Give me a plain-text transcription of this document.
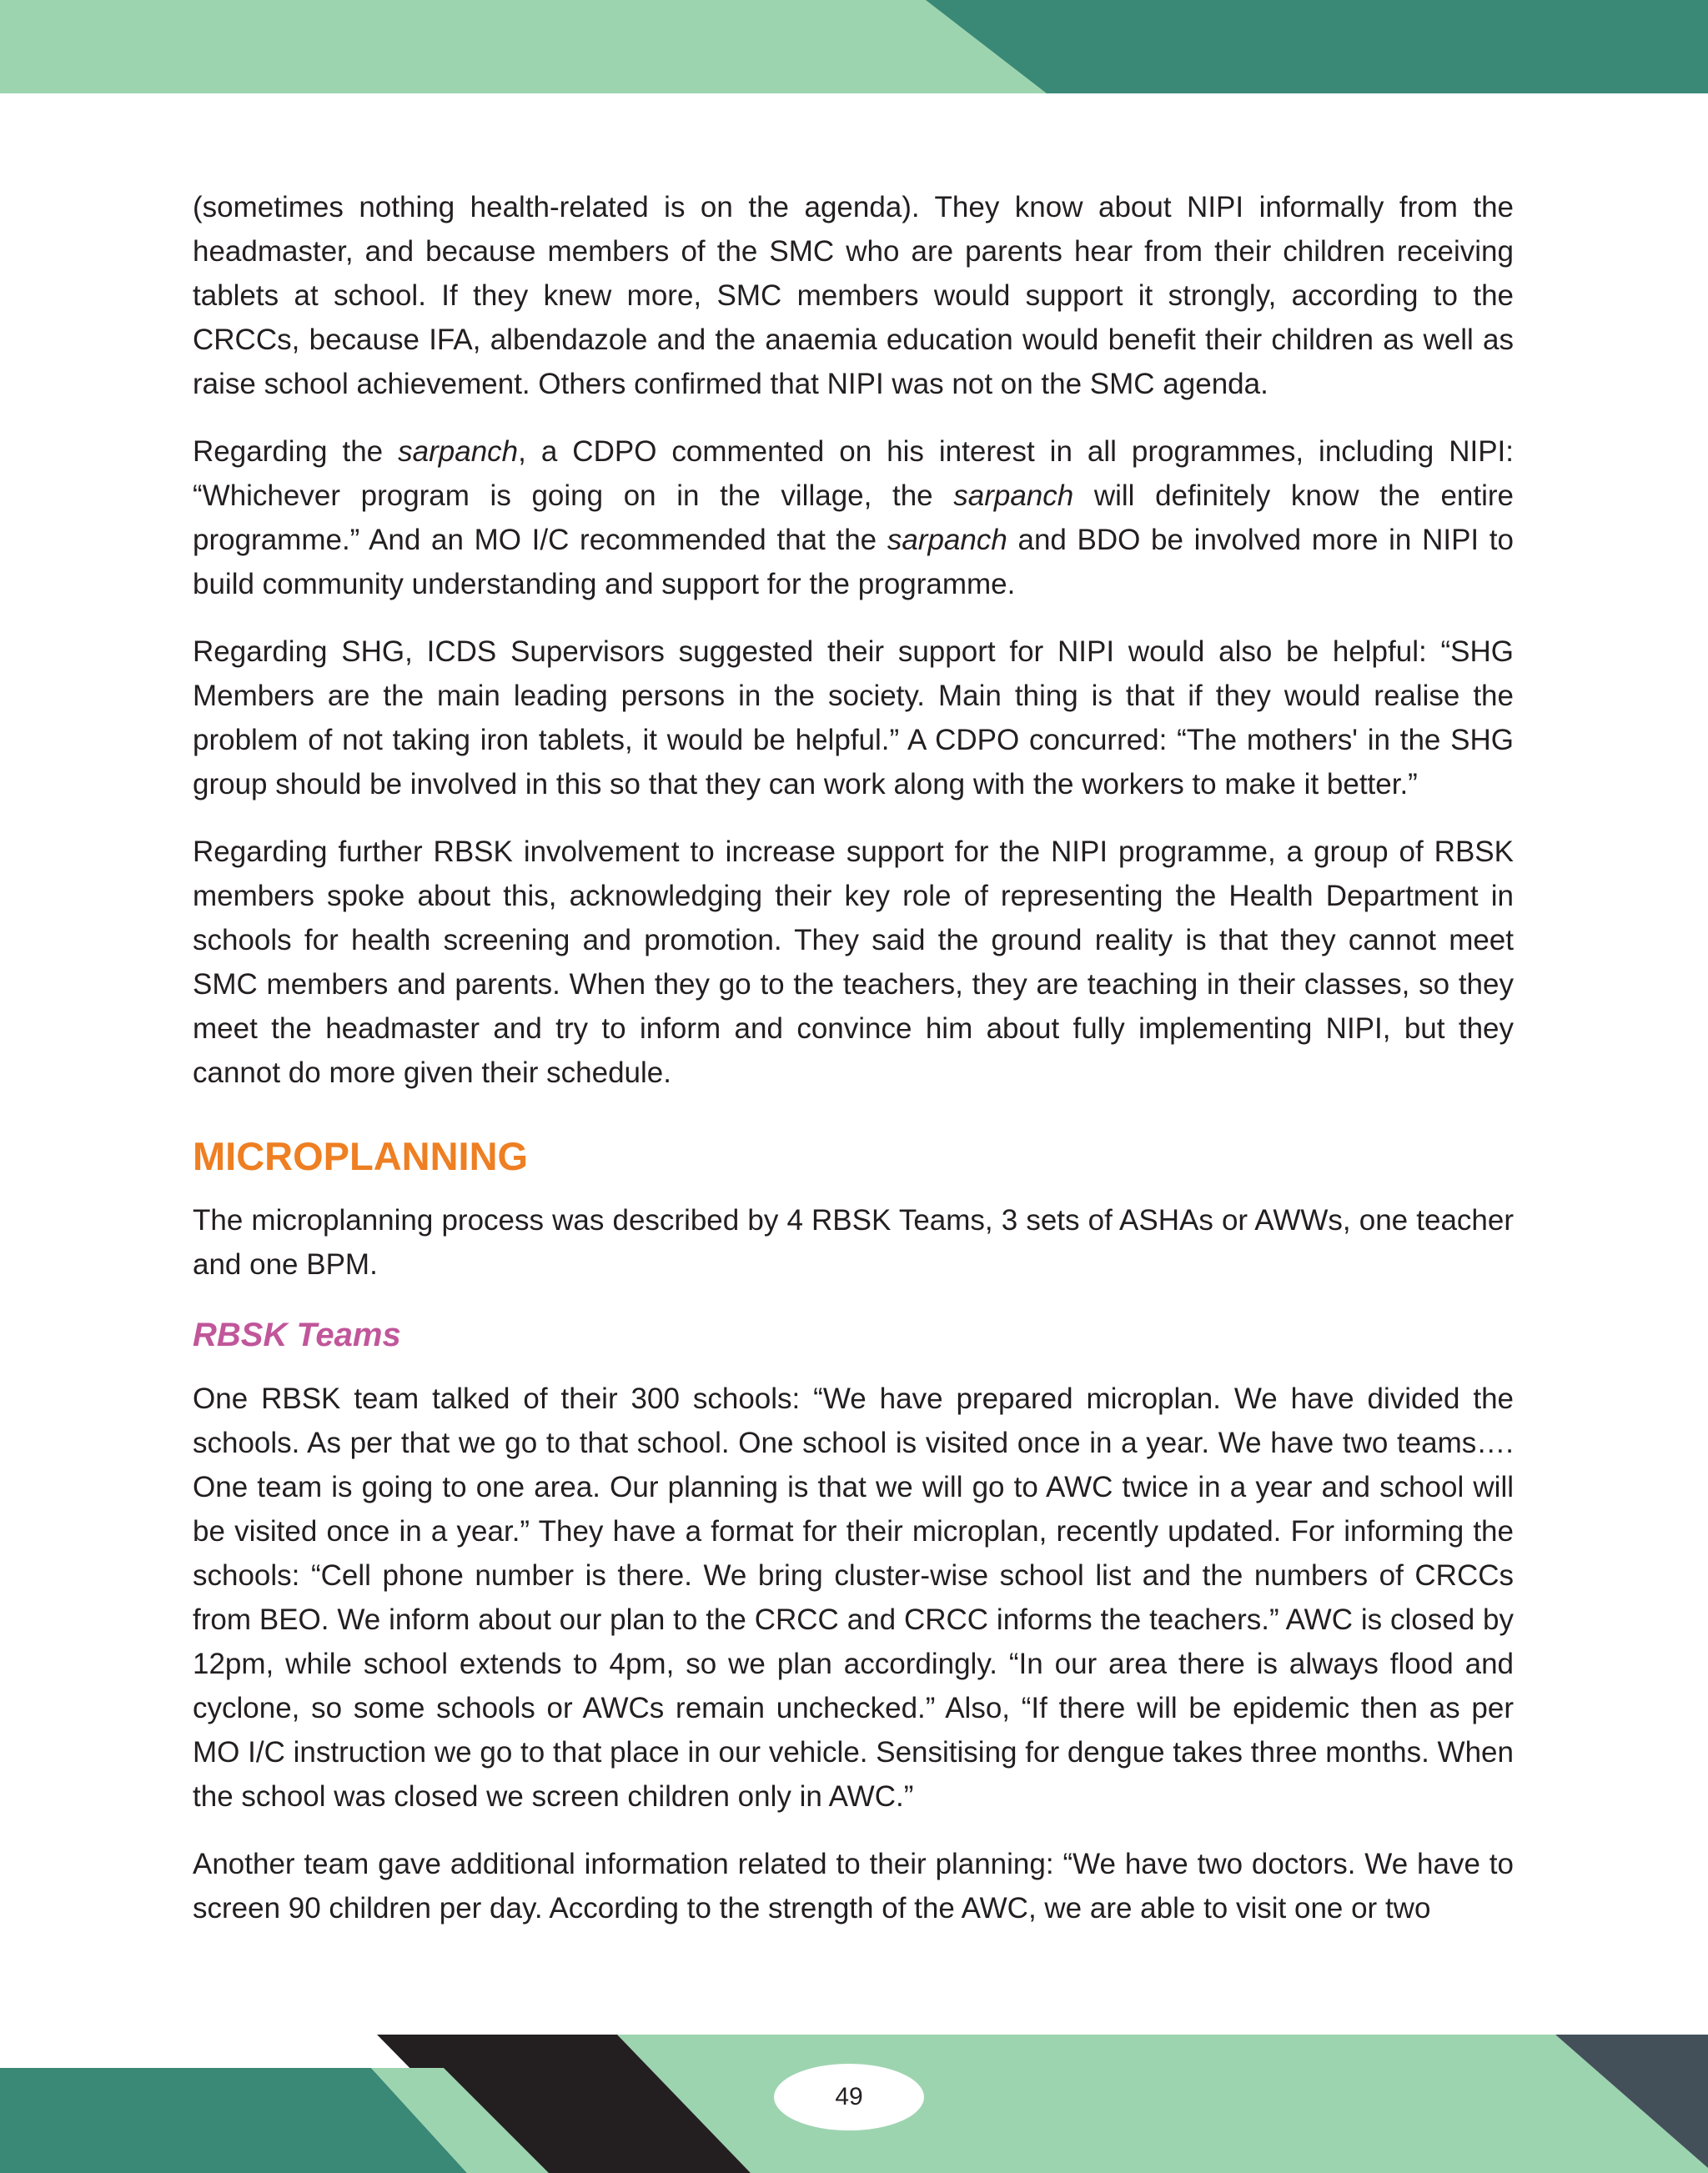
(sometimes nothing health-related is on the agenda). They know about NIPI informally from the headmaster, and because members of the SMC who are parents hear from their children receiving tablets at school. If they knew more, SMC members would support it strongly, according to the CRCCs, because IFA, albendazole and the anaemia education would benefit their children as well as raise school achievement. Others confirmed that NIPI was not on the SMC agenda.

Regarding the sarpanch, a CDPO commented on his interest in all programmes, including NIPI: “Whichever program is going on in the village, the sarpanch will definitely know the entire programme.” And an MO I/C recommended that the sarpanch and BDO be involved more in NIPI to build community understanding and support for the programme.

Regarding SHG, ICDS Supervisors suggested their support for NIPI would also be helpful: “SHG Members are the main leading persons in the society. Main thing is that if they would realise the problem of not taking iron tablets, it would be helpful.” A CDPO concurred: “The mothers' in the SHG group should be involved in this so that they can work along with the workers to make it better.”

Regarding further RBSK involvement to increase support for the NIPI programme, a group of RBSK members spoke about this, acknowledging their key role of representing the Health Department in schools for health screening and promotion. They said the ground reality is that they cannot meet SMC members and parents. When they go to the teachers, they are teaching in their classes, so they meet the headmaster and try to inform and convince him about fully implementing NIPI, but they cannot do more given their schedule.

MICROPLANNING

The microplanning process was described by 4 RBSK Teams, 3 sets of ASHAs or AWWs, one teacher and one BPM.

RBSK Teams

One RBSK team talked of their 300 schools: “We have prepared microplan. We have divided the schools. As per that we go to that school. One school is visited once in a year. We have two teams…. One team is going to one area. Our planning is that we will go to AWC twice in a year and school will be visited once in a year.” They have a format for their microplan, recently updated. For informing the schools: “Cell phone number is there. We bring cluster-wise school list and the numbers of CRCCs from BEO. We inform about our plan to the CRCC and CRCC informs the teachers.” AWC is closed by 12pm, while school extends to 4pm, so we plan accordingly. “In our area there is always flood and cyclone, so some schools or AWCs remain unchecked.” Also, “If there will be epidemic then as per MO I/C instruction we go to that place in our vehicle. Sensitising for dengue takes three months. When the school was closed we screen children only in AWC.”

Another team gave additional information related to their planning: “We have two doctors. We have to screen 90 children per day. According to the strength of the AWC, we are able to visit one or two

49
